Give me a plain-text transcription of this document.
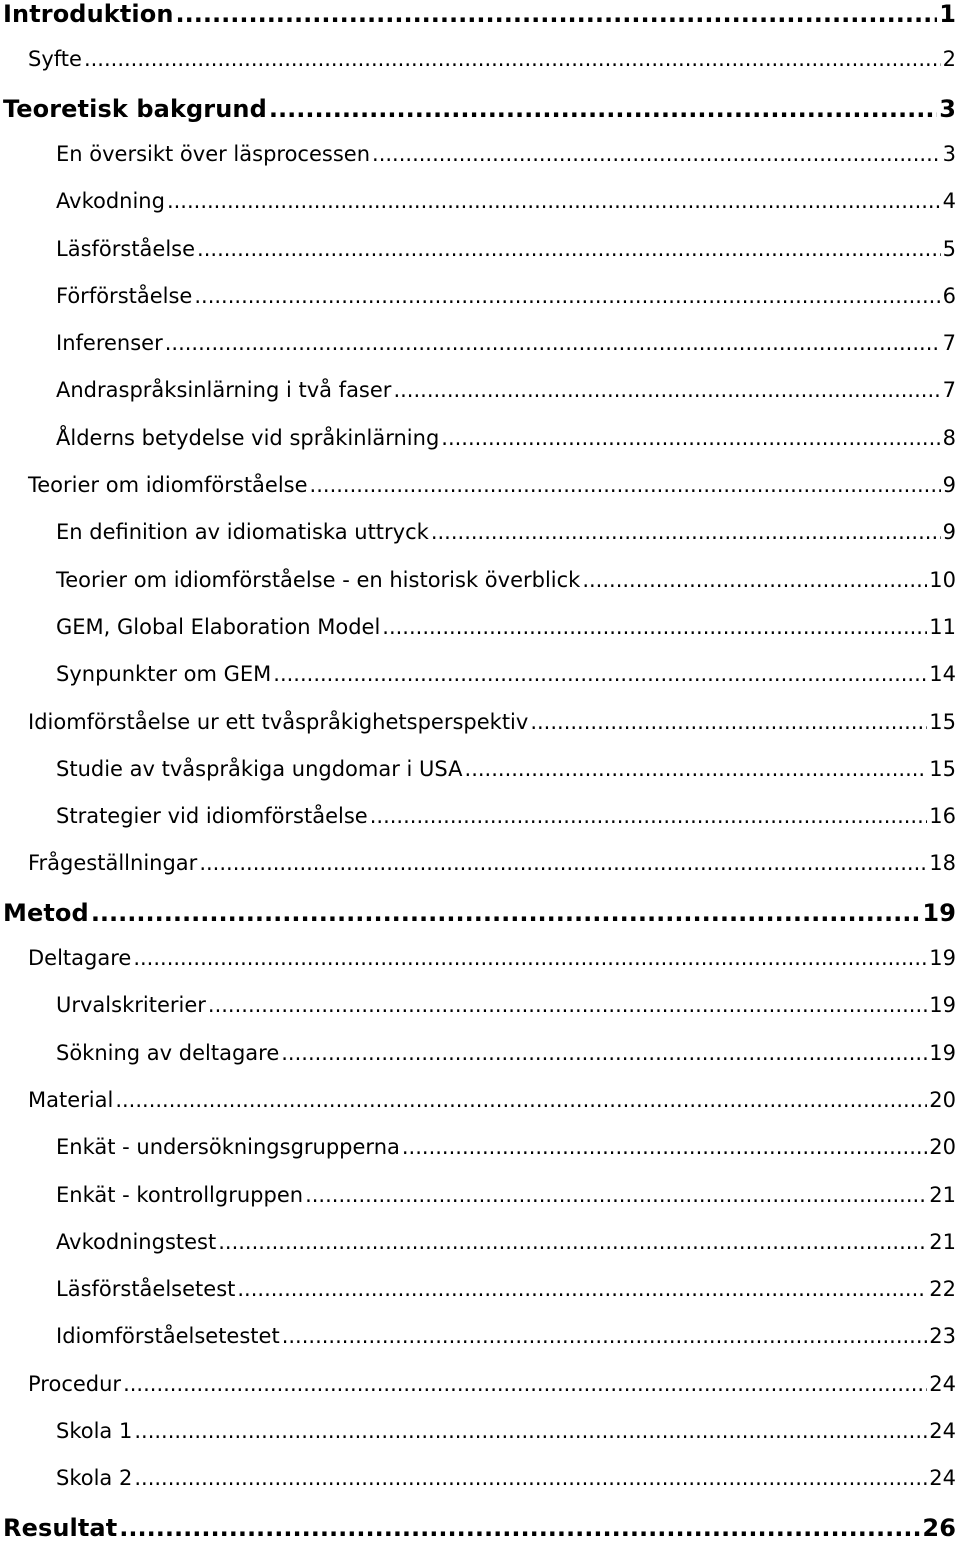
Introduktion .....	1
Syfte .....	2
Teoretisk bakgrund .....	3
En översikt över läsprocessen .....	3
Avkodning .....	4
Läsförståelse .....	5
Förförståelse .....	6
Inferenser .....	7
Andraspråksinlärning i två faser .....	7
Ålderns betydelse vid språkinlärning .....	8
Teorier om idiomförståelse .....	9
En definition av idiomatiska uttryck .....	9
Teorier om idiomförståelse - en historisk överblick .....	10
GEM, Global Elaboration Model .....	11
Synpunkter om GEM .....	14
Idiomförståelse ur ett tvåspråkighetsperspektiv .....	15
Studie av tvåspråkiga ungdomar i USA .....	15
Strategier vid idiomförståelse .....	16
Frågeställningar .....	18
Metod .....	19
Deltagare .....	19
Urvalskriterier .....	19
Sökning av deltagare .....	19
Material .....	20
Enkät - undersökningsgrupperna .....	20
Enkät - kontrollgruppen .....	21
Avkodningstest .....	21
Läsförståelsetest .....	22
Idiomförståelsetestet .....	23
Procedur .....	24
Skola 1 .....	24
Skola 2 .....	24
Resultat .....	26
